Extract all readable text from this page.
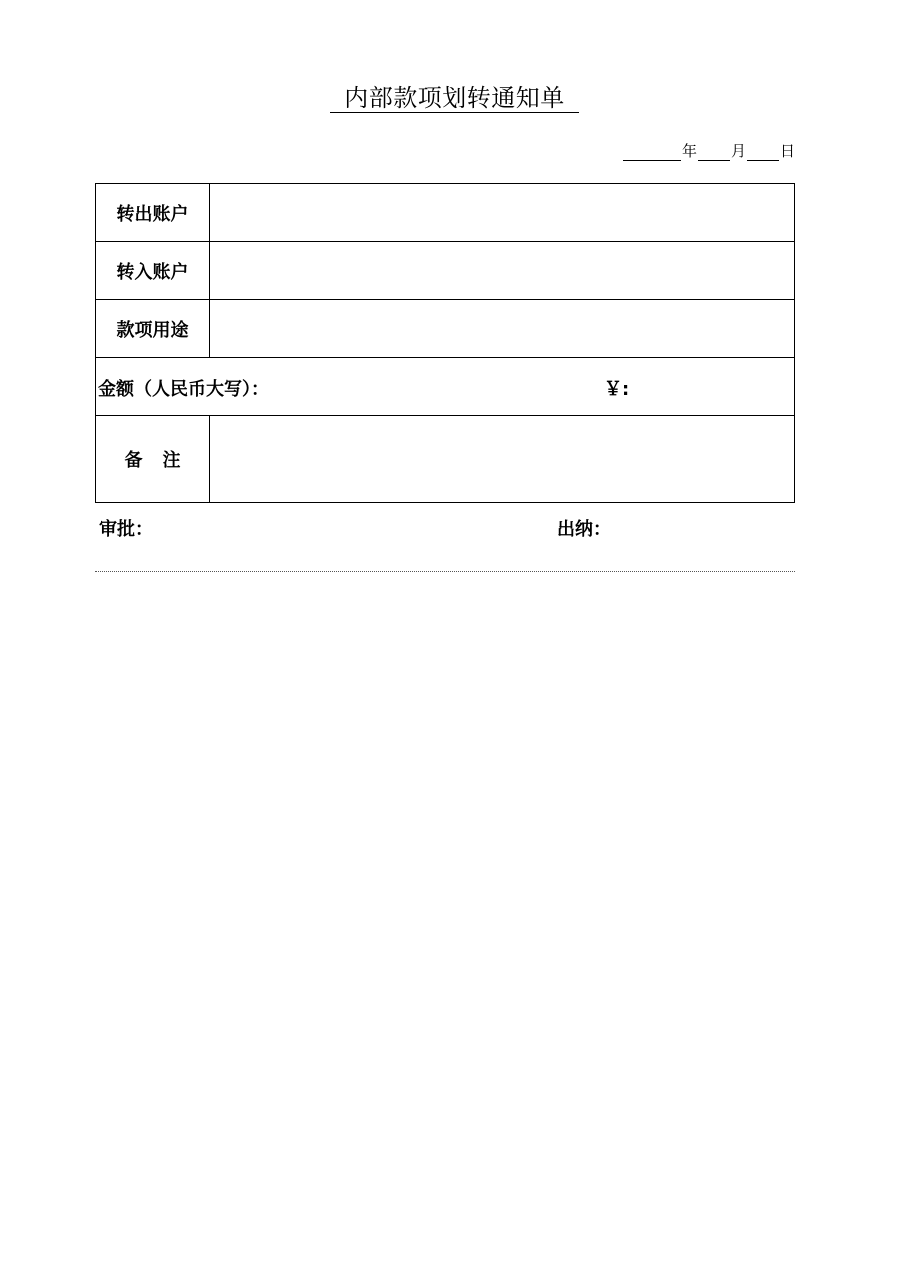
内部款项划转通知单
年 月 日
转出账户
转入账户
款项用途
金额（人民币大写）：	￥:
备注
审批：	出纳：
